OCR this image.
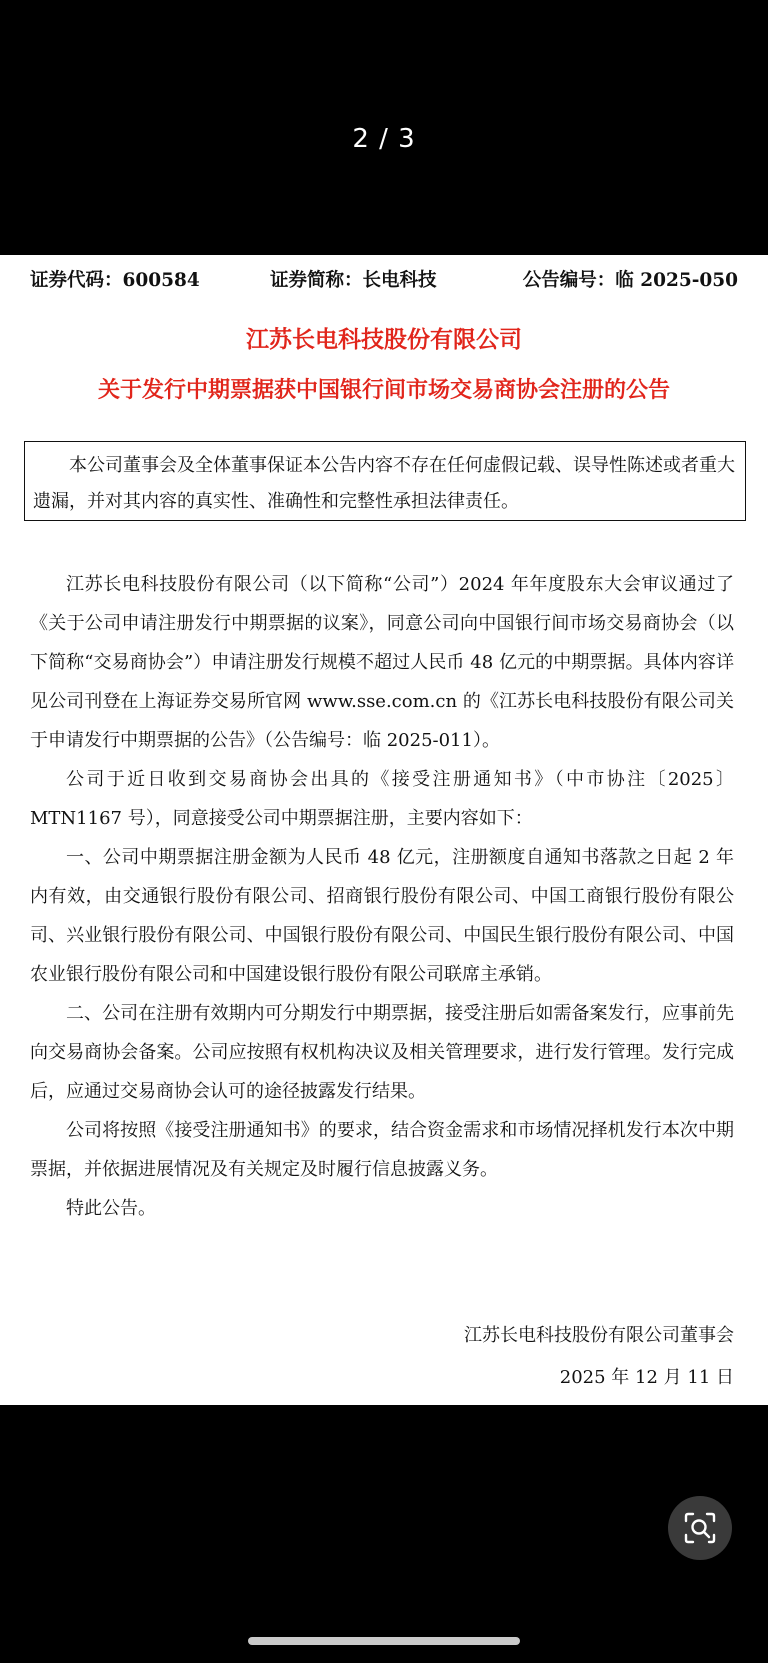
2 / 3
证券代码：600584	证券简称：长电科技	公告编号：临 2025-050
江苏长电科技股份有限公司
关于发行中期票据获中国银行间市场交易商协会注册的公告
本公司董事会及全体董事保证本公告内容不存在任何虚假记载、误导性陈述或者重大遗漏，并对其内容的真实性、准确性和完整性承担法律责任。

江苏长电科技股份有限公司（以下简称“公司”）2024 年年度股东大会审议通过了《关于公司申请注册发行中期票据的议案》，同意公司向中国银行间市场交易商协会（以下简称“交易商协会”）申请注册发行规模不超过人民币 48 亿元的中期票据。具体内容详见公司刊登在上海证券交易所官网 www.sse.com.cn 的《江苏长电科技股份有限公司关于申请发行中期票据的公告》（公告编号：临 2025-011）。

公司于近日收到交易商协会出具的《接受注册通知书》（中市协注〔2025〕MTN1167 号），同意接受公司中期票据注册，主要内容如下：

一、公司中期票据注册金额为人民币 48 亿元，注册额度自通知书落款之日起 2 年内有效，由交通银行股份有限公司、招商银行股份有限公司、中国工商银行股份有限公司、兴业银行股份有限公司、中国银行股份有限公司、中国民生银行股份有限公司、中国农业银行股份有限公司和中国建设银行股份有限公司联席主承销。

二、公司在注册有效期内可分期发行中期票据，接受注册后如需备案发行，应事前先向交易商协会备案。公司应按照有权机构决议及相关管理要求，进行发行管理。发行完成后，应通过交易商协会认可的途径披露发行结果。

公司将按照《接受注册通知书》的要求，结合资金需求和市场情况择机发行本次中期票据，并依据进展情况及有关规定及时履行信息披露义务。

特此公告。

江苏长电科技股份有限公司董事会
2025 年 12 月 11 日
